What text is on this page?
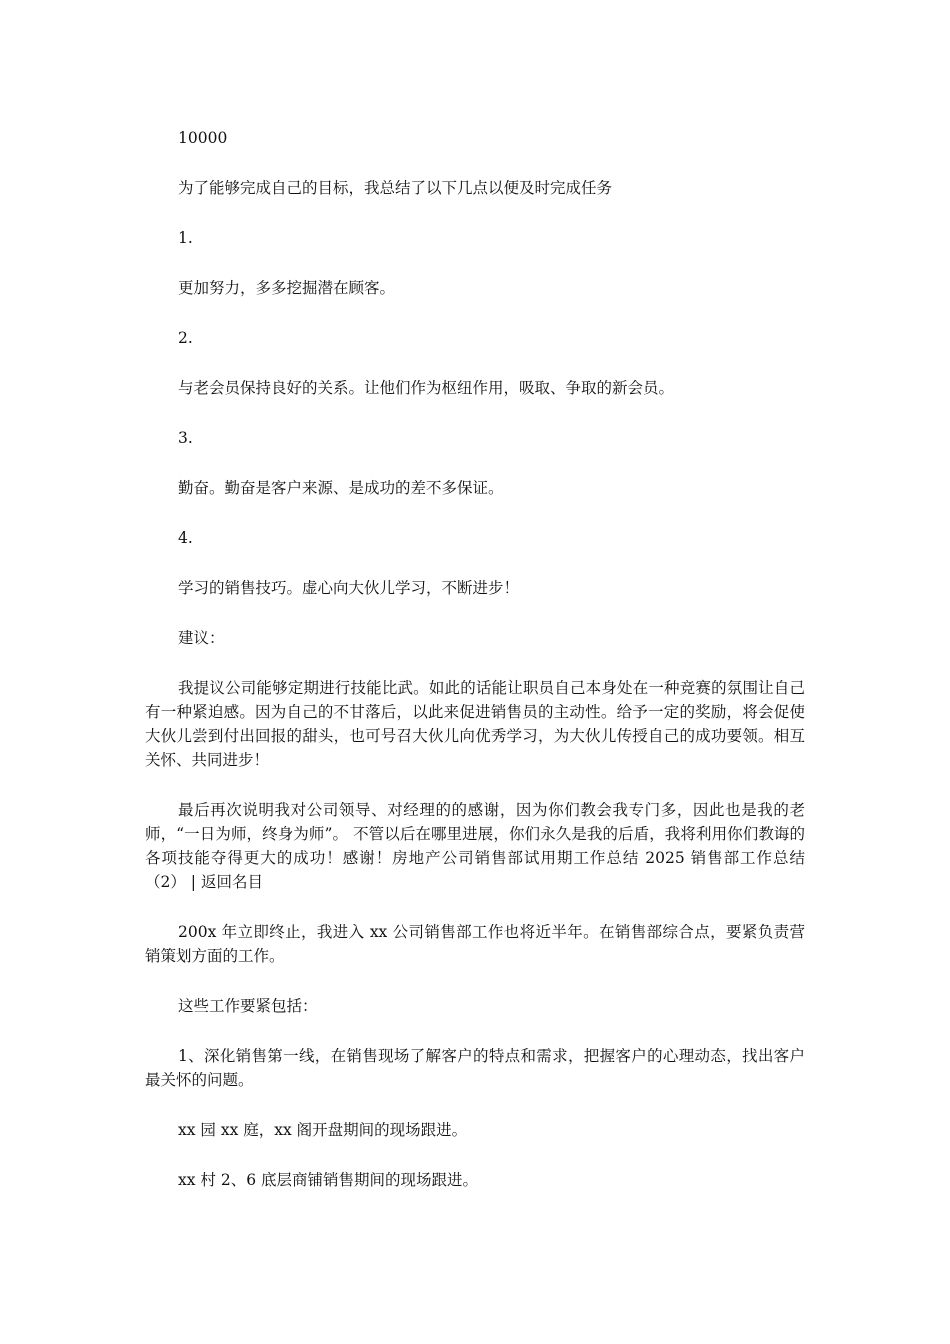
10000

为了能够完成自己的目标，我总结了以下几点以便及时完成任务

1.

更加努力，多多挖掘潜在顾客。

2.

与老会员保持良好的关系。让他们作为枢纽作用，吸取、争取的新会员。

3.

勤奋。勤奋是客户来源、是成功的差不多保证。

4.

学习的销售技巧。虚心向大伙儿学习，不断进步！

建议：

我提议公司能够定期进行技能比武。如此的话能让职员自己本身处在一种竞赛的氛围让自己有一种紧迫感。因为自己的不甘落后，以此来促进销售员的主动性。给予一定的奖励，将会促使大伙儿尝到付出回报的甜头，也可号召大伙儿向优秀学习，为大伙儿传授自己的成功要领。相互关怀、共同进步！

最后再次说明我对公司领导、对经理的的感谢，因为你们教会我专门多，因此也是我的老师，“一日为师，终身为师”。 不管以后在哪里进展，你们永久是我的后盾，我将利用你们教诲的各项技能夺得更大的成功！感谢！房地产公司销售部试用期工作总结 2025 销售部工作总结（2） | 返回名目

200x 年立即终止，我进入 xx 公司销售部工作也将近半年。在销售部综合点，要紧负责营销策划方面的工作。

这些工作要紧包括：

1、深化销售第一线，在销售现场了解客户的特点和需求，把握客户的心理动态，找出客户最关怀的问题。

xx 园 xx 庭，xx 阁开盘期间的现场跟进。

xx 村 2、6 底层商铺销售期间的现场跟进。
